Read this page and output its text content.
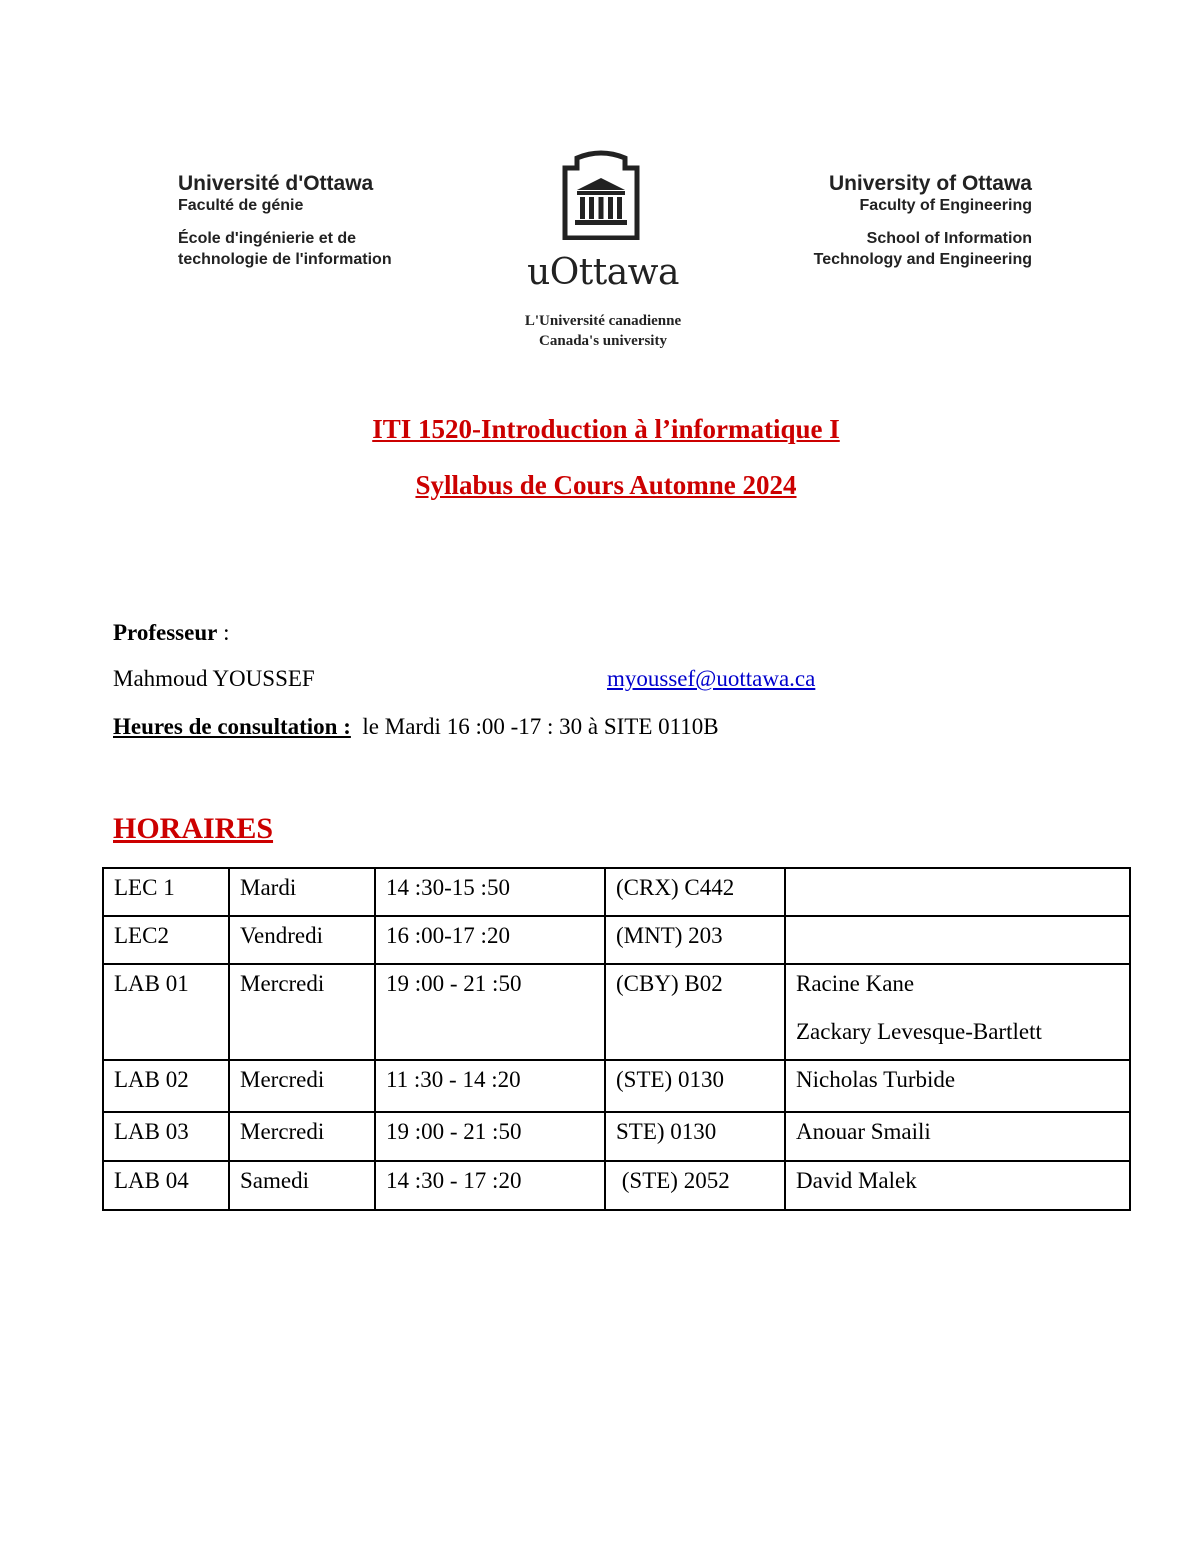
Université d'Ottawa
Faculté de génie
École d'ingénierie et de
technologie de l'information	uOttawa
L'Université canadienne
Canada's university
University of Ottawa
Faculty of Engineering
School of Information
Technology and Engineering
ITI 1520-Introduction à l’informatique I
Syllabus de Cours Automne 2024
Professeur :
Mahmoud YOUSSEF	myoussef@uottawa.ca
Heures de consultation :  le Mardi 16 :00 -17 : 30 à SITE 0110B
HORAIRES
LEC 1	Mardi	14 :30-15 :50	(CRX) C442	

LEC2	Vendredi	16 :00-17 :20	(MNT) 203	

LAB 01	Mercredi	19 :00 - 21 :50	(CBY) B02	Racine Kane
Zackary Levesque-Bartlett

LAB 02	Mercredi	11 :30 - 14 :20	(STE) 0130	Nicholas Turbide

LAB 03	Mercredi	19 :00 - 21 :50	STE) 0130	Anouar Smaili

LAB 04	Samedi	14 :30 - 17 :20	(STE) 2052	David Malek
